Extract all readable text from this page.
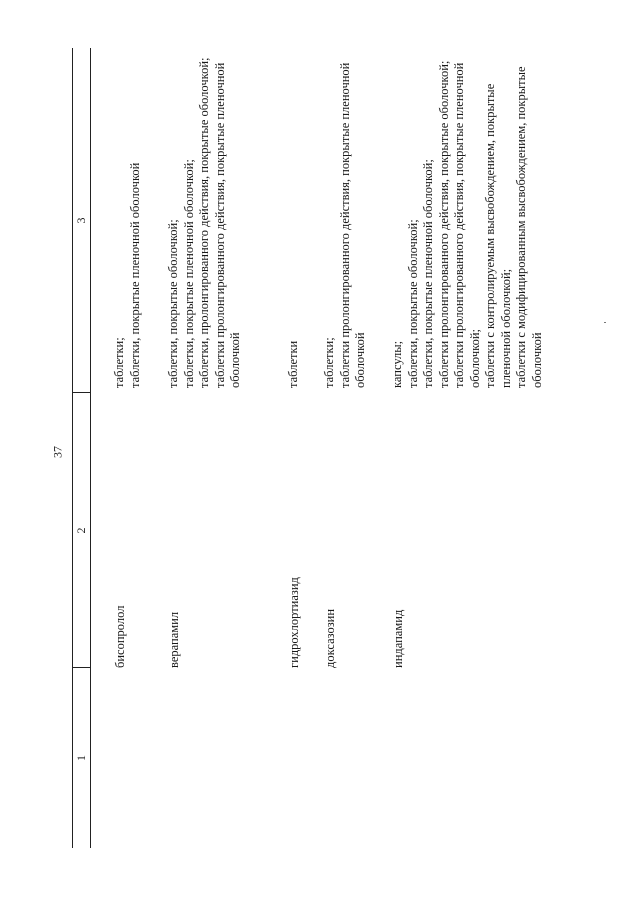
37
1
2
3
бисопролол
таблетки; таблетки, покрытые пленочной оболочкой
верапамил
таблетки, покрытые оболочкой; таблетки, покрытые пленочной оболочкой; таблетки, пролонгированного действия, покрытые оболочкой; таблетки пролонгированного действия, покрытые пленочной оболочкой
гидрохлортиазид
таблетки
доксазозин
таблетки; таблетки пролонгированного действия, покрытые пленочной оболочкой
индапамид
капсулы; таблетки, покрытые оболочкой; таблетки, покрытые пленочной оболочкой; таблетки пролонгированного действия, покрытые оболочкой; таблетки пролонгированного действия, покрытые пленочной оболочкой; таблетки с контролируемым высвобождением, покрытые пленочной оболочкой; таблетки с модифицированным высвобождением, покрытые оболочкой
